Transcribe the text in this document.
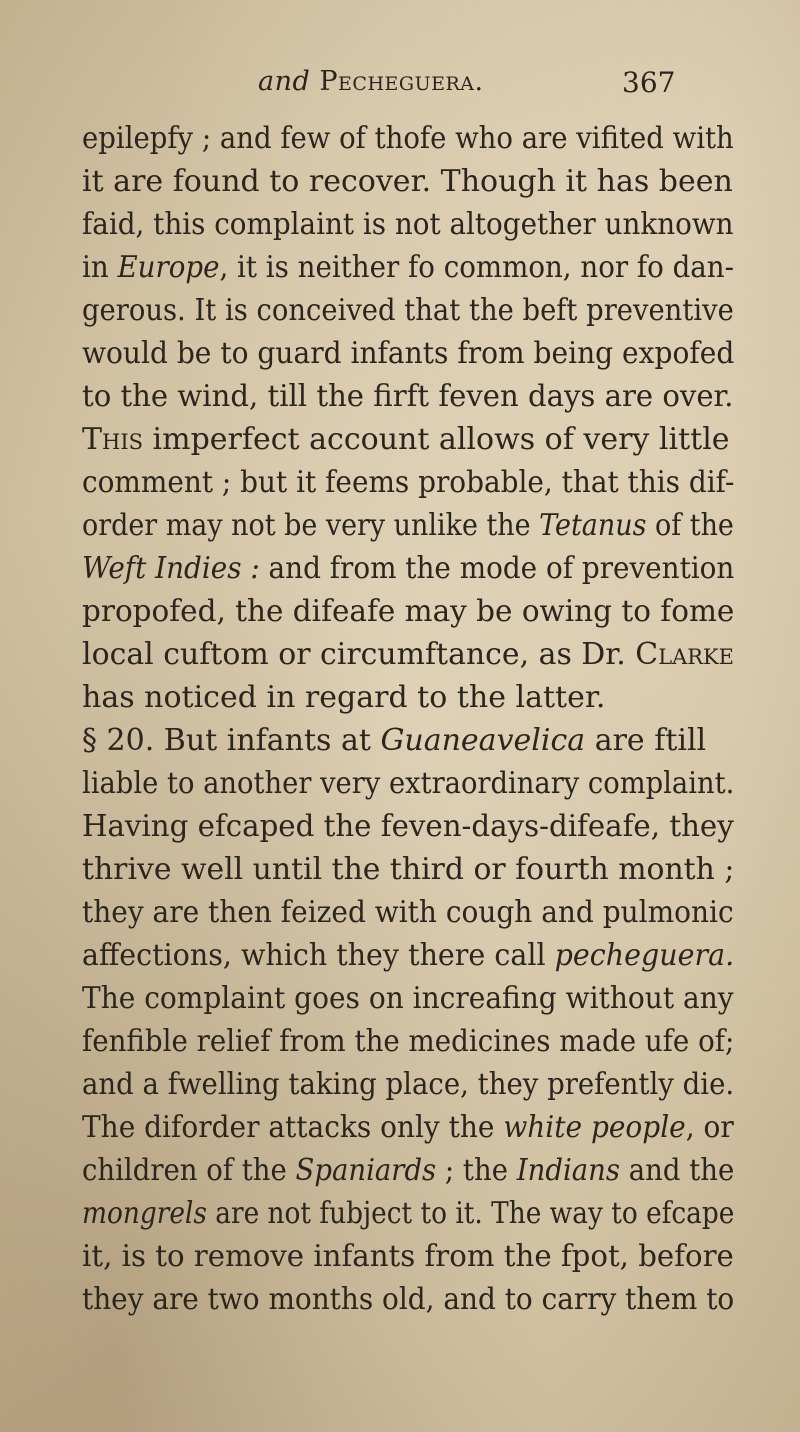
and Pecheguera.	367
epilepfy ; and few of thofe who are vifited with
it are found to recover. Though it has been
faid, this complaint is not altogether unknown
in Europe, it is neither fo common, nor fo dan-
gerous. It is conceived that the beft preventive
would be to guard infants from being expofed
to the wind, till the firft feven days are over.
This imperfect account allows of very little
comment ; but it feems probable, that this dif-
order may not be very unlike the Tetanus of the
Weft Indies : and from the mode of prevention
propofed, the difeafe may be owing to fome
local cuftom or circumftance, as Dr. Clarke
has noticed in regard to the latter.
§ 20. But infants at Guaneavelica are ftill
liable to another very extraordinary complaint.
Having efcaped the feven-days-difeafe, they
thrive well until the third or fourth month ;
they are then feized with cough and pulmonic
affections, which they there call pecheguera.
The complaint goes on increafing without any
fenfible relief from the medicines made ufe of;
and a fwelling taking place, they prefently die.
The diforder attacks only the white people, or
children of the Spaniards ; the Indians and the
mongrels are not fubject to it. The way to efcape
it, is to remove infants from the fpot, before
they are two months old, and to carry them to
